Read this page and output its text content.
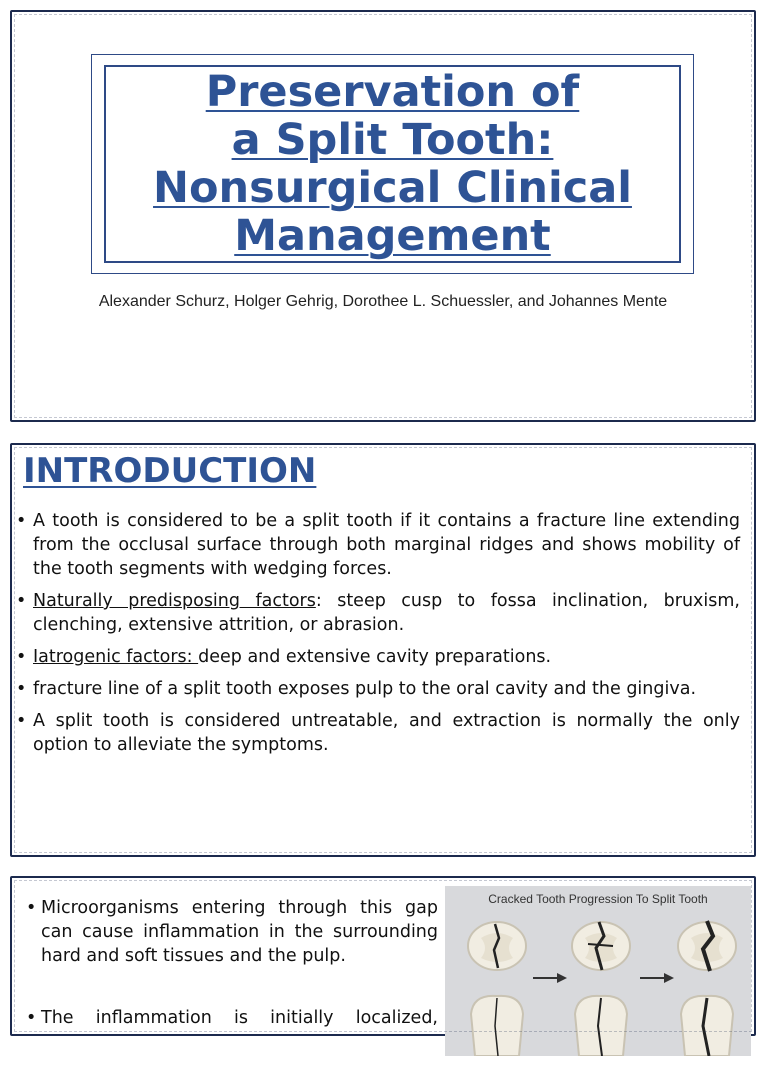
Preservation of
a Split Tooth:
Nonsurgical Clinical
Management
Alexander Schurz, Holger Gehrig, Dorothee L. Schuessler, and Johannes Mente
INTRODUCTION
• A tooth is considered to be a split tooth if it contains a fracture line extending from the occlusal surface through both marginal ridges and shows mobility of the tooth segments with wedging forces.
• Naturally predisposing factors: steep cusp to fossa inclination, bruxism, clenching, extensive attrition, or abrasion.
• Iatrogenic factors: deep and extensive cavity preparations.
• fracture line of a split tooth exposes pulp to the oral cavity and the gingiva.
• A split tooth is considered untreatable, and extraction is normally the only option to alleviate the symptoms.
• Microorganisms entering through this gap can cause inflammation in the surrounding hard and soft tissues and the pulp.
• The inflammation is initially localized,
Cracked Tooth Progression To Split Tooth
